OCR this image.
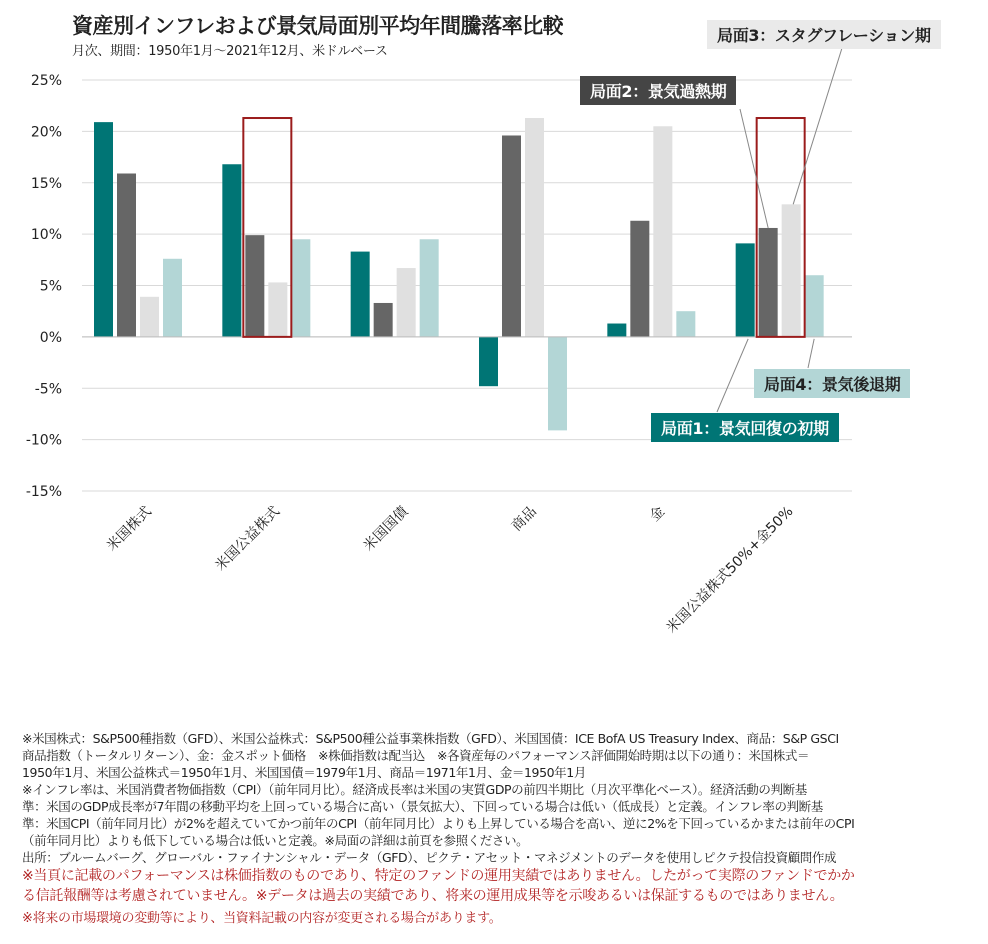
資産別インフレおよび景気局面別平均年間騰落率比較
月次、期間：1950年1月～2021年12月、米ドルベース
25%
20%
15%
10%
5%
0%
-5%
-10%
-15%
米国株式	米国公益株式	米国国債	商品	金
米国公益株式50%+金50%
局面3：スタグフレーション期
局面2：景気過熱期
局面4：景気後退期
局面1：景気回復の初期
※米国株式：S&P500種指数（GFD）、米国公益株式：S&P500種公益事業株指数（GFD）、米国国債：ICE BofA US Treasury Index、商品：S&P GSCI
商品指数（トータルリターン）、金：金スポット価格　※株価指数は配当込　※各資産毎のパフォーマンス評価開始時期は以下の通り：米国株式＝
1950年1月、米国公益株式＝1950年1月、米国国債＝1979年1月、商品＝1971年1月、金＝1950年1月
※インフレ率は、米国消費者物価指数（CPI）（前年同月比）。経済成長率は米国の実質GDPの前四半期比（月次平準化ベース）。経済活動の判断基
準：米国のGDP成長率が7年間の移動平均を上回っている場合に高い（景気拡大）、下回っている場合は低い（低成長）と定義。インフレ率の判断基
準：米国CPI（前年同月比）が2%を超えていてかつ前年のCPI（前年同月比）よりも上昇している場合を高い、逆に2%を下回っているかまたは前年のCPI
（前年同月比）よりも低下している場合は低いと定義。※局面の詳細は前頁を参照ください。
出所：ブルームバーグ、グローバル・ファイナンシャル・データ（GFD）、ピクテ・アセット・マネジメントのデータを使用しピクテ投信投資顧問作成
※当頁に記載のパフォーマンスは株価指数のものであり、特定のファンドの運用実績ではありません。したがって実際のファンドでかか
る信託報酬等は考慮されていません。※データは過去の実績であり、将来の運用成果等を示唆あるいは保証するものではありません。
※将来の市場環境の変動等により、当資料記載の内容が変更される場合があります。
